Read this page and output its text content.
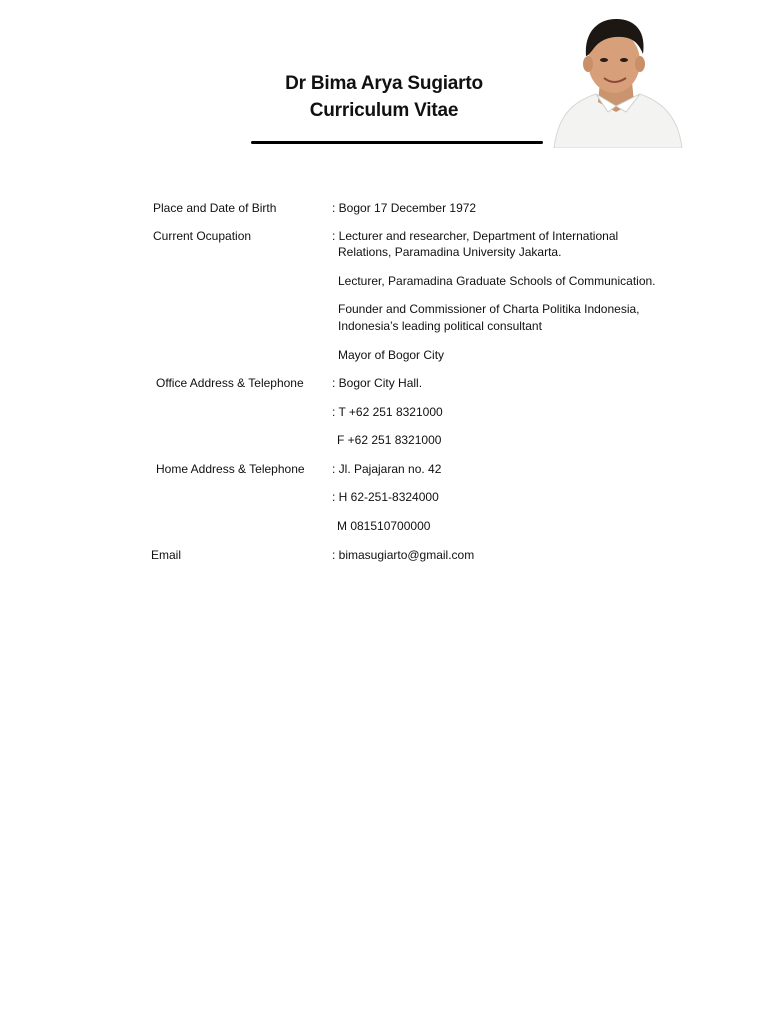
Dr Bima Arya Sugiarto
Curriculum Vitae
Place and Date of Birth	: Bogor 17 December 1972
Current Ocupation	: Lecturer and researcher, Department of International
Relations, Paramadina University Jakarta.
Lecturer, Paramadina Graduate Schools of Communication.
Founder and Commissioner of Charta Politika Indonesia,
Indonesia’s leading political consultant
Mayor of Bogor City
Office Address & Telephone : Bogor City Hall.
: T +62 251 8321000
F +62 251 8321000
Home Address & Telephone : Jl. Pajajaran no. 42
: H 62-251-8324000
M 081510700000
Email	: bimasugiarto@gmail.com
